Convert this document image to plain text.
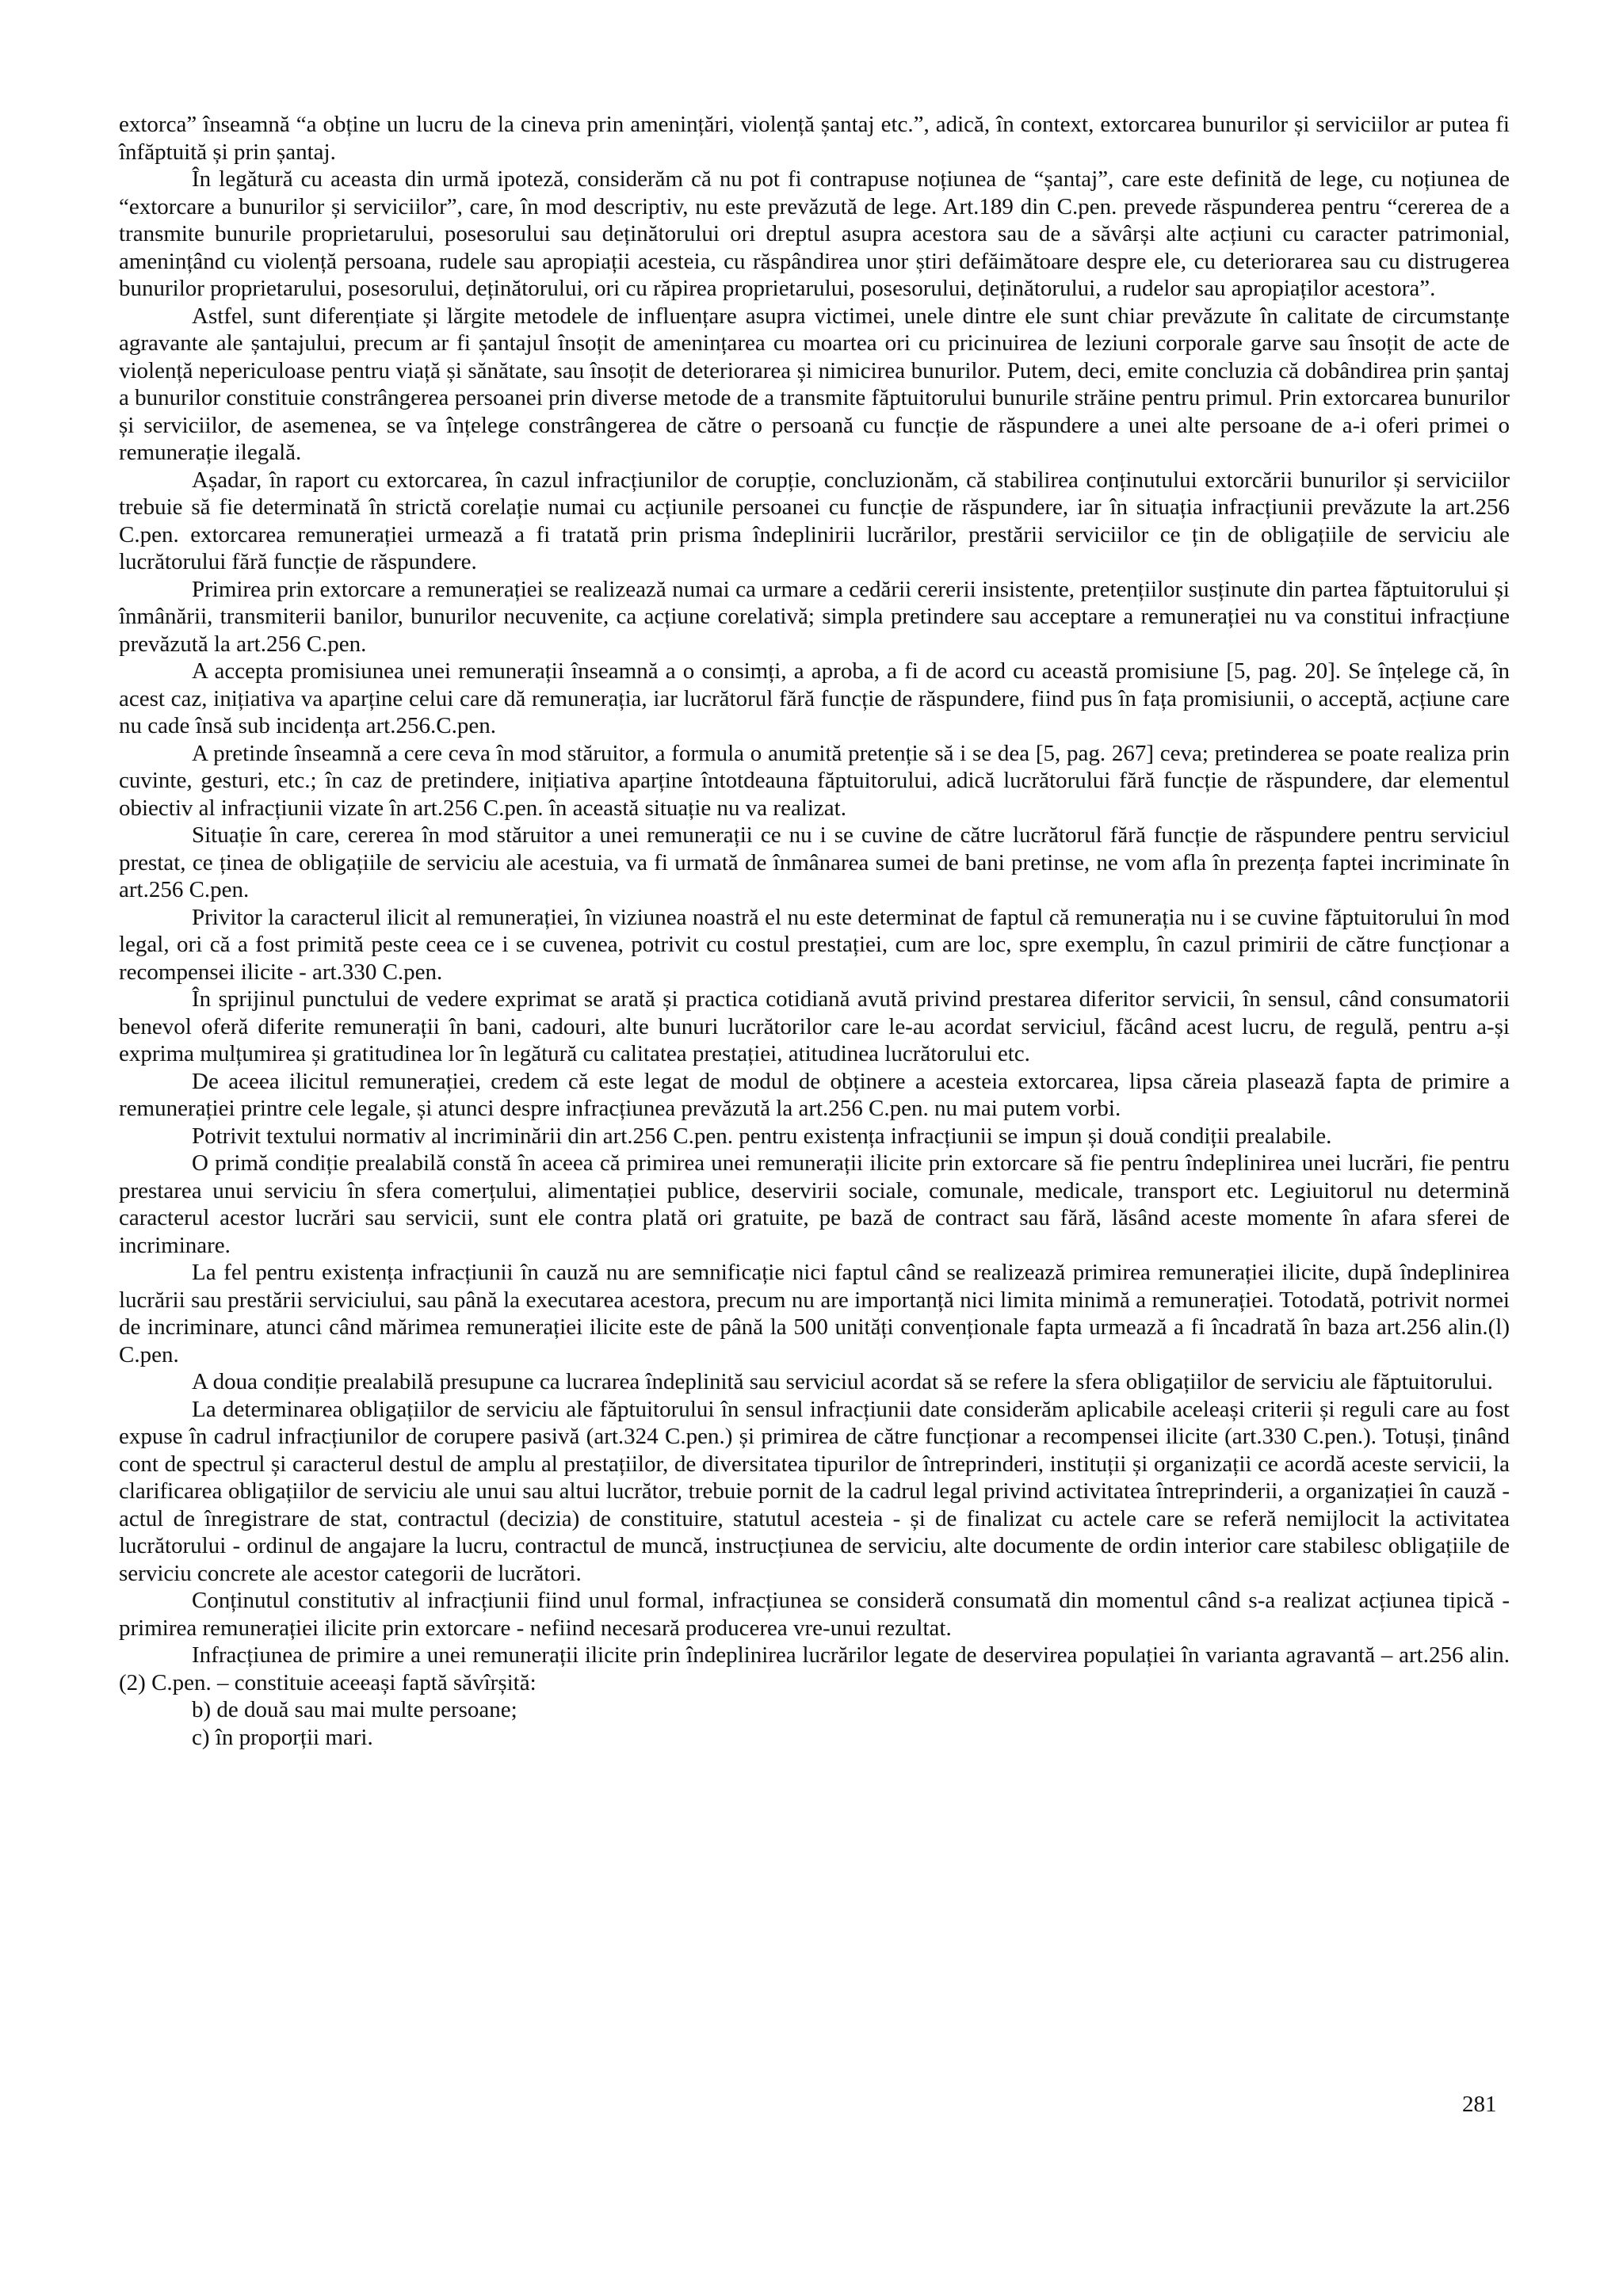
extorca” înseamnă “a obține un lucru de la cineva prin amenințări, violență șantaj etc.”, adică, în context, extorcarea bunurilor și serviciilor ar putea fi înfăptuită și prin șantaj.

În legătură cu aceasta din urmă ipoteză, considerăm că nu pot fi contrapuse noțiunea de “șantaj”, care este definită de lege, cu noțiunea de “extorcare a bunurilor și serviciilor”, care, în mod descriptiv, nu este prevăzută de lege. Art.189 din C.pen. prevede răspunderea pentru “cererea de a transmite bunurile proprietarului, posesorului sau deținătorului ori dreptul asupra acestora sau de a săvârși alte acțiuni cu caracter patrimonial, amenințând cu violență persoana, rudele sau apropiații acesteia, cu răspândirea unor știri defăimătoare despre ele, cu deteriorarea sau cu distrugerea bunurilor proprietarului, posesorului, deținătorului, ori cu răpirea proprietarului, posesorului, deținătorului, a rudelor sau apropiaților acestora”.

Astfel, sunt diferențiate și lărgite metodele de influențare asupra victimei, unele dintre ele sunt chiar prevăzute în calitate de circumstanțe agravante ale șantajului, precum ar fi șantajul însoțit de amenințarea cu moartea ori cu pricinuirea de leziuni corporale garve sau însoțit de acte de violență nepericuloase pentru viață și sănătate, sau însoțit de deteriorarea și nimicirea bunurilor. Putem, deci, emite concluzia că dobândirea prin șantaj a bunurilor constituie constrângerea persoanei prin diverse metode de a transmite făptuitorului bunurile străine pentru primul. Prin extorcarea bunurilor și serviciilor, de asemenea, se va înțelege constrângerea de către o persoană cu funcție de răspundere a unei alte persoane de a-i oferi primei o remunerație ilegală.

Așadar, în raport cu extorcarea, în cazul infracțiunilor de corupție, concluzionăm, că stabilirea conținutului extorcării bunurilor și serviciilor trebuie să fie determinată în strictă corelație numai cu acțiunile persoanei cu funcție de răspundere, iar în situația infracțiunii prevăzute la art.256 C.pen. extorcarea remunerației urmează a fi tratată prin prisma îndeplinirii lucrărilor, prestării serviciilor ce țin de obligațiile de serviciu ale lucrătorului fără funcție de răspundere.

Primirea prin extorcare a remunerației se realizează numai ca urmare a cedării cererii insistente, pretențiilor susținute din partea făptuitorului și înmânării, transmiterii banilor, bunurilor necuvenite, ca acțiune corelativă; simpla pretindere sau acceptare a remunerației nu va constitui infracțiune prevăzută la art.256 C.pen.

A accepta promisiunea unei remunerații înseamnă a o consimți, a aproba, a fi de acord cu această promisiune [5, pag. 20]. Se înțelege că, în acest caz, inițiativa va aparține celui care dă remunerația, iar lucrătorul fără funcție de răspundere, fiind pus în fața promisiunii, o acceptă, acțiune care nu cade însă sub incidența art.256.C.pen.

A pretinde înseamnă a cere ceva în mod stăruitor, a formula o anumită pretenție să i se dea [5, pag. 267] ceva; pretinderea se poate realiza prin cuvinte, gesturi, etc.; în caz de pretindere, inițiativa aparține întotdeauna făptuitorului, adică lucrătorului fără funcție de răspundere, dar elementul obiectiv al infracțiunii vizate în art.256 C.pen. în această situație nu va realizat.

Situație în care, cererea în mod stăruitor a unei remunerații ce nu i se cuvine de către lucrătorul fără funcție de răspundere pentru serviciul prestat, ce ținea de obligațiile de serviciu ale acestuia, va fi urmată de înmânarea sumei de bani pretinse, ne vom afla în prezența faptei incriminate în art.256 C.pen.

Privitor la caracterul ilicit al remunerației, în viziunea noastră el nu este determinat de faptul că remunerația nu i se cuvine făptuitorului în mod legal, ori că a fost primită peste ceea ce i se cuvenea, potrivit cu costul prestației, cum are loc, spre exemplu, în cazul primirii de către funcționar a recompensei ilicite - art.330 C.pen.

În sprijinul punctului de vedere exprimat se arată și practica cotidiană avută privind prestarea diferitor servicii, în sensul, când consumatorii benevol oferă diferite remunerații în bani, cadouri, alte bunuri lucrătorilor care le-au acordat serviciul, făcând acest lucru, de regulă, pentru a-și exprima mulțumirea și gratitudinea lor în legătură cu calitatea prestației, atitudinea lucrătorului etc.

De aceea ilicitul remunerației, credem că este legat de modul de obținere a acesteia extorcarea, lipsa căreia plasează fapta de primire a remunerației printre cele legale, și atunci despre infracțiunea prevăzută la art.256 C.pen. nu mai putem vorbi.

Potrivit textului normativ al incriminării din art.256 C.pen. pentru existența infracțiunii se impun și două condiții prealabile.

O primă condiție prealabilă constă în aceea că primirea unei remunerații ilicite prin extorcare să fie pentru îndeplinirea unei lucrări, fie pentru prestarea unui serviciu în sfera comerțului, alimentației publice, deservirii sociale, comunale, medicale, transport etc. Legiuitorul nu determină caracterul acestor lucrări sau servicii, sunt ele contra plată ori gratuite, pe bază de contract sau fără, lăsând aceste momente în afara sferei de incriminare.

La fel pentru existența infracțiunii în cauză nu are semnificație nici faptul când se realizează primirea remunerației ilicite, după îndeplinirea lucrării sau prestării serviciului, sau până la executarea acestora, precum nu are importanță nici limita minimă a remunerației. Totodată, potrivit normei de incriminare, atunci când mărimea remunerației ilicite este de până la 500 unități convenționale fapta urmează a fi încadrată în baza art.256 alin.(l) C.pen.

A doua condiție prealabilă presupune ca lucrarea îndeplinită sau serviciul acordat să se refere la sfera obligațiilor de serviciu ale făptuitorului.

La determinarea obligațiilor de serviciu ale făptuitorului în sensul infracțiunii date considerăm aplicabile aceleași criterii și reguli care au fost expuse în cadrul infracțiunilor de corupere pasivă (art.324 C.pen.) și primirea de către funcționar a recompensei ilicite (art.330 C.pen.). Totuși, ținând cont de spectrul și caracterul destul de amplu al prestațiilor, de diversitatea tipurilor de întreprinderi, instituții și organizații ce acordă aceste servicii, la clarificarea obligațiilor de serviciu ale unui sau altui lucrător, trebuie pornit de la cadrul legal privind activitatea întreprinderii, a organizației în cauză - actul de înregistrare de stat, contractul (decizia) de constituire, statutul acesteia - și de finalizat cu actele care se referă nemijlocit la activitatea lucrătorului - ordinul de angajare la lucru, contractul de muncă, instrucțiunea de serviciu, alte documente de ordin interior care stabilesc obligațiile de serviciu concrete ale acestor categorii de lucrători.

Conținutul constitutiv al infracțiunii fiind unul formal, infracțiunea se consideră consumată din momentul când s-a realizat acțiunea tipică - primirea remunerației ilicite prin extorcare - nefiind necesară producerea vre-unui rezultat.

Infracțiunea de primire a unei remunerații ilicite prin îndeplinirea lucrărilor legate de deservirea populației în varianta agravantă – art.256 alin.(2) C.pen. – constituie aceeași faptă săvîrșită:

b) de două sau mai multe persoane;

c) în proporții mari.

281
